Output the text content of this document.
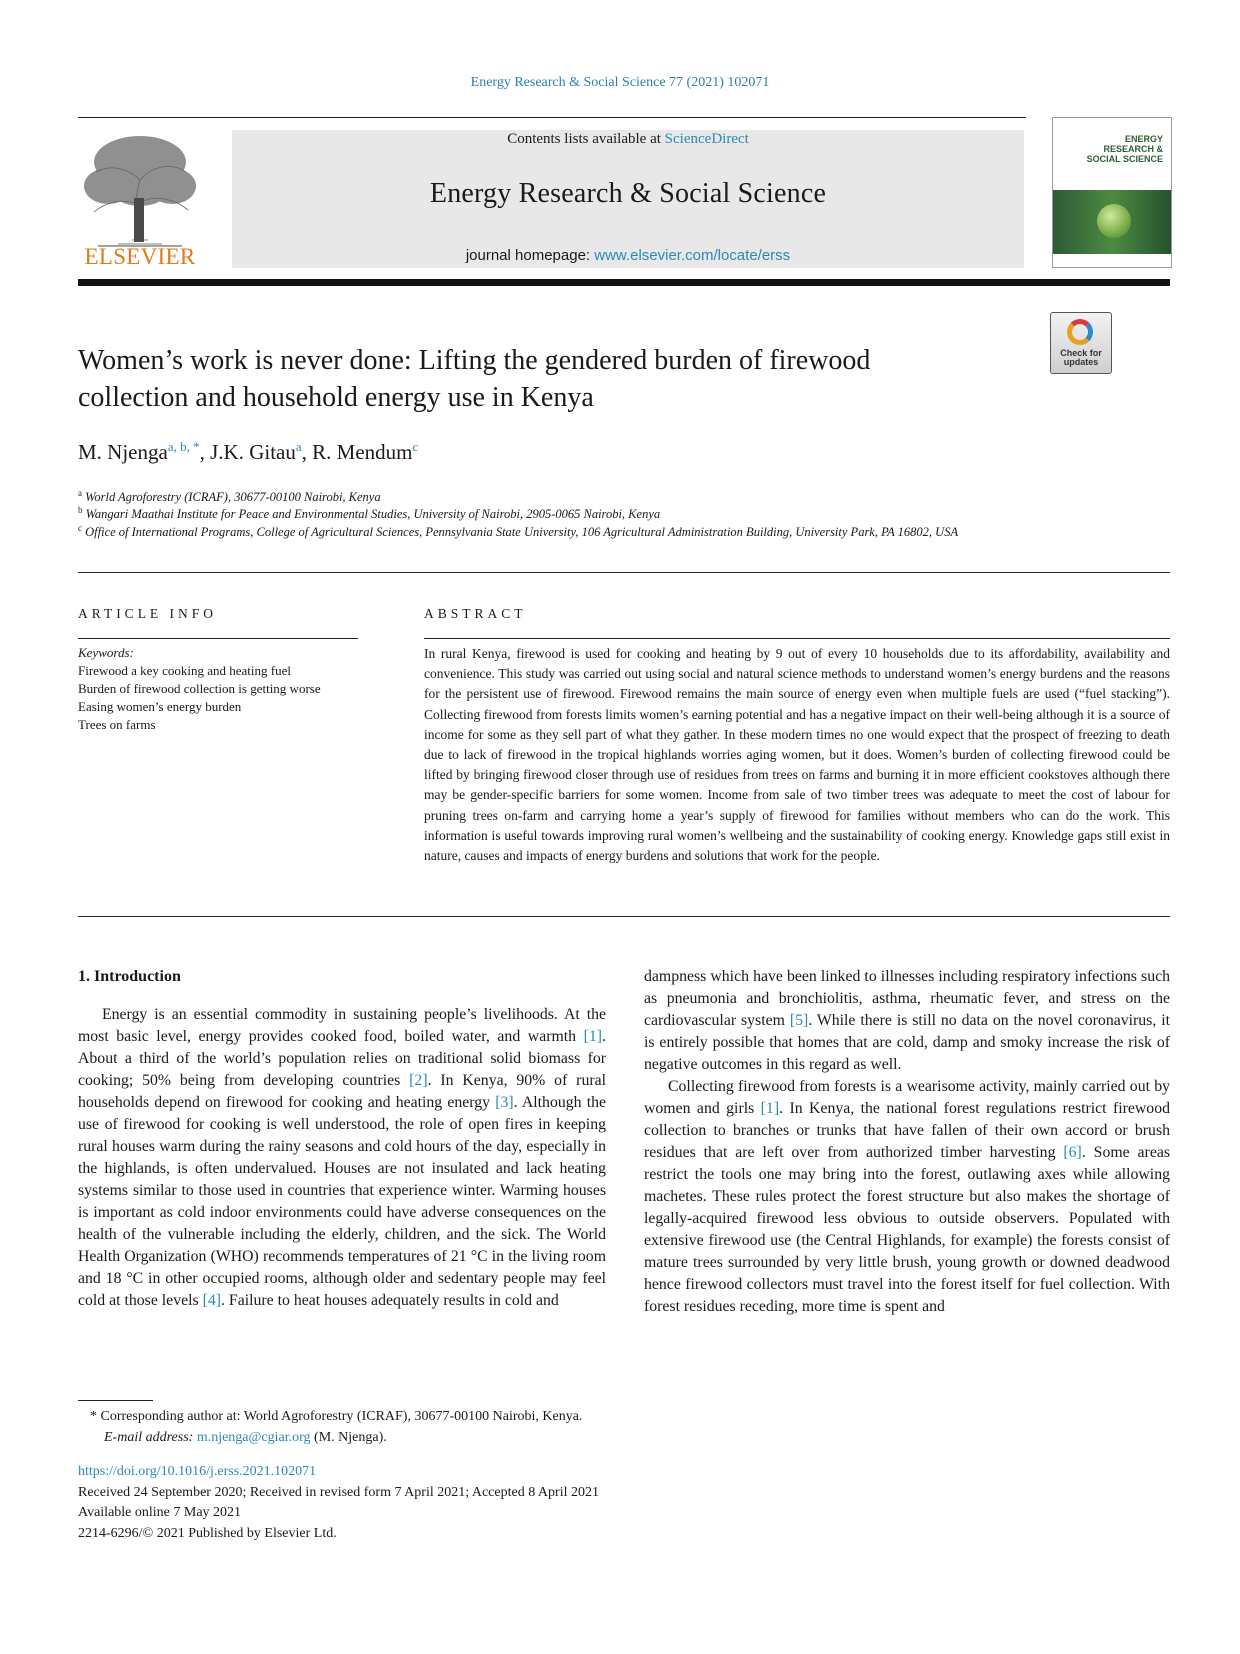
Energy Research & Social Science 77 (2021) 102071
ELSEVIER
Contents lists available at ScienceDirect
Energy Research & Social Science
journal homepage: www.elsevier.com/locate/erss
ENERGY RESEARCH & SOCIAL SCIENCE
Women’s work is never done: Lifting the gendered burden of firewood collection and household energy use in Kenya
Check for updates
M. Njenga$^{a, b, *}$, J.K. Gitau$^a$, R. Mendum$^c$
$^a$ World Agroforestry (ICRAF), 30677-00100 Nairobi, Kenya
$^b$ Wangari Maathai Institute for Peace and Environmental Studies, University of Nairobi, 2905-0065 Nairobi, Kenya
$^c$ Office of International Programs, College of Agricultural Sciences, Pennsylvania State University, 106 Agricultural Administration Building, University Park, PA 16802, USA
ARTICLE INFO	ABSTRACT
Keywords:
Firewood a key cooking and heating fuel
Burden of firewood collection is getting worse
Easing women’s energy burden
Trees on farms
In rural Kenya, firewood is used for cooking and heating by 9 out of every 10 households due to its affordability, availability and convenience. This study was carried out using social and natural science methods to understand women’s energy burdens and the reasons for the persistent use of firewood. Firewood remains the main source of energy even when multiple fuels are used (“fuel stacking”). Collecting firewood from forests limits women’s earning potential and has a negative impact on their well-being although it is a source of income for some as they sell part of what they gather. In these modern times no one would expect that the prospect of freezing to death due to lack of firewood in the tropical highlands worries aging women, but it does. Women’s burden of collecting firewood could be lifted by bringing firewood closer through use of residues from trees on farms and burning it in more efficient cookstoves although there may be gender-specific barriers for some women. Income from sale of two timber trees was adequate to meet the cost of labour for pruning trees on-farm and carrying home a year’s supply of firewood for families without members who can do the work. This information is useful towards improving rural women’s wellbeing and the sustainability of cooking energy. Knowledge gaps still exist in nature, causes and impacts of energy burdens and solutions that work for the people.
1. Introduction

Energy is an essential commodity in sustaining people’s livelihoods. At the most basic level, energy provides cooked food, boiled water, and warmth [1]. About a third of the world’s population relies on traditional solid biomass for cooking; 50% being from developing countries [2]. In Kenya, 90% of rural households depend on firewood for cooking and heating energy [3]. Although the use of firewood for cooking is well understood, the role of open fires in keeping rural houses warm during the rainy seasons and cold hours of the day, especially in the highlands, is often undervalued. Houses are not insulated and lack heating systems similar to those used in countries that experience winter. Warming houses is important as cold indoor environments could have adverse consequences on the health of the vulnerable including the elderly, children, and the sick. The World Health Organization (WHO) recommends temperatures of 21 °C in the living room and 18 °C in other occupied rooms, although older and sedentary people may feel cold at those levels [4]. Failure to heat houses adequately results in cold and

dampness which have been linked to illnesses including respiratory infections such as pneumonia and bronchiolitis, asthma, rheumatic fever, and stress on the cardiovascular system [5]. While there is still no data on the novel coronavirus, it is entirely possible that homes that are cold, damp and smoky increase the risk of negative outcomes in this regard as well.

Collecting firewood from forests is a wearisome activity, mainly carried out by women and girls [1]. In Kenya, the national forest regulations restrict firewood collection to branches or trunks that have fallen of their own accord or brush residues that are left over from authorized timber harvesting [6]. Some areas restrict the tools one may bring into the forest, outlawing axes while allowing machetes. These rules protect the forest structure but also makes the shortage of legally-acquired firewood less obvious to outside observers. Populated with extensive firewood use (the Central Highlands, for example) the forests consist of mature trees surrounded by very little brush, young growth or downed deadwood hence firewood collectors must travel into the forest itself for fuel collection. With forest residues receding, more time is spent and

* Corresponding author at: World Agroforestry (ICRAF), 30677-00100 Nairobi, Kenya.
E-mail address: m.njenga@cgiar.org (M. Njenga).
https://doi.org/10.1016/j.erss.2021.102071
Received 24 September 2020; Received in revised form 7 April 2021; Accepted 8 April 2021
Available online 7 May 2021
2214-6296/© 2021 Published by Elsevier Ltd.
